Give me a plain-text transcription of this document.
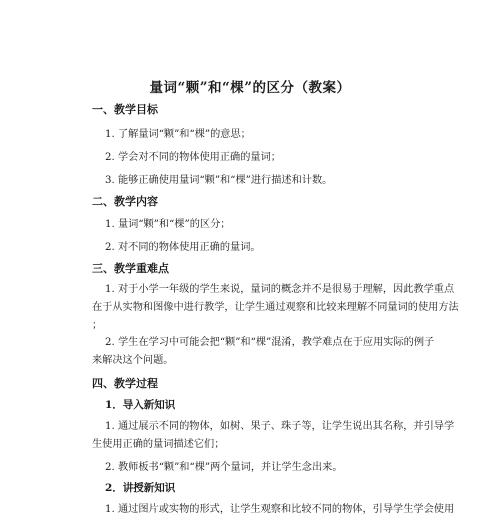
量词“颗”和“棵”的区分（教案）
一、教学目标

1. 了解量词“颗”和“棵”的意思；

2. 学会对不同的物体使用正确的量词；

3. 能够正确使用量词“颗”和“棵”进行描述和计数。

二、教学内容

1. 量词“颗”和“棵”的区分；

2. 对不同的物体使用正确的量词。

三、教学重难点
1. 对于小学一年级的学生来说，量词的概念并不是很易于理解，因此教学重点
在于从实物和图像中进行教学，让学生通过观察和比较来理解不同量词的使用方法
；
2. 学生在学习中可能会把“颗”和“棵”混淆，教学难点在于应用实际的例子
来解决这个问题。
四、教学过程
1．导入新知识
1. 通过展示不同的物体，如树、果子、珠子等，让学生说出其名称，并引导学
生使用正确的量词描述它们；

2. 教师板书“颗”和“棵”两个量词，并让学生念出来。

2．讲授新知识
1. 通过图片或实物的形式，让学生观察和比较不同的物体，引导学生学会使用
